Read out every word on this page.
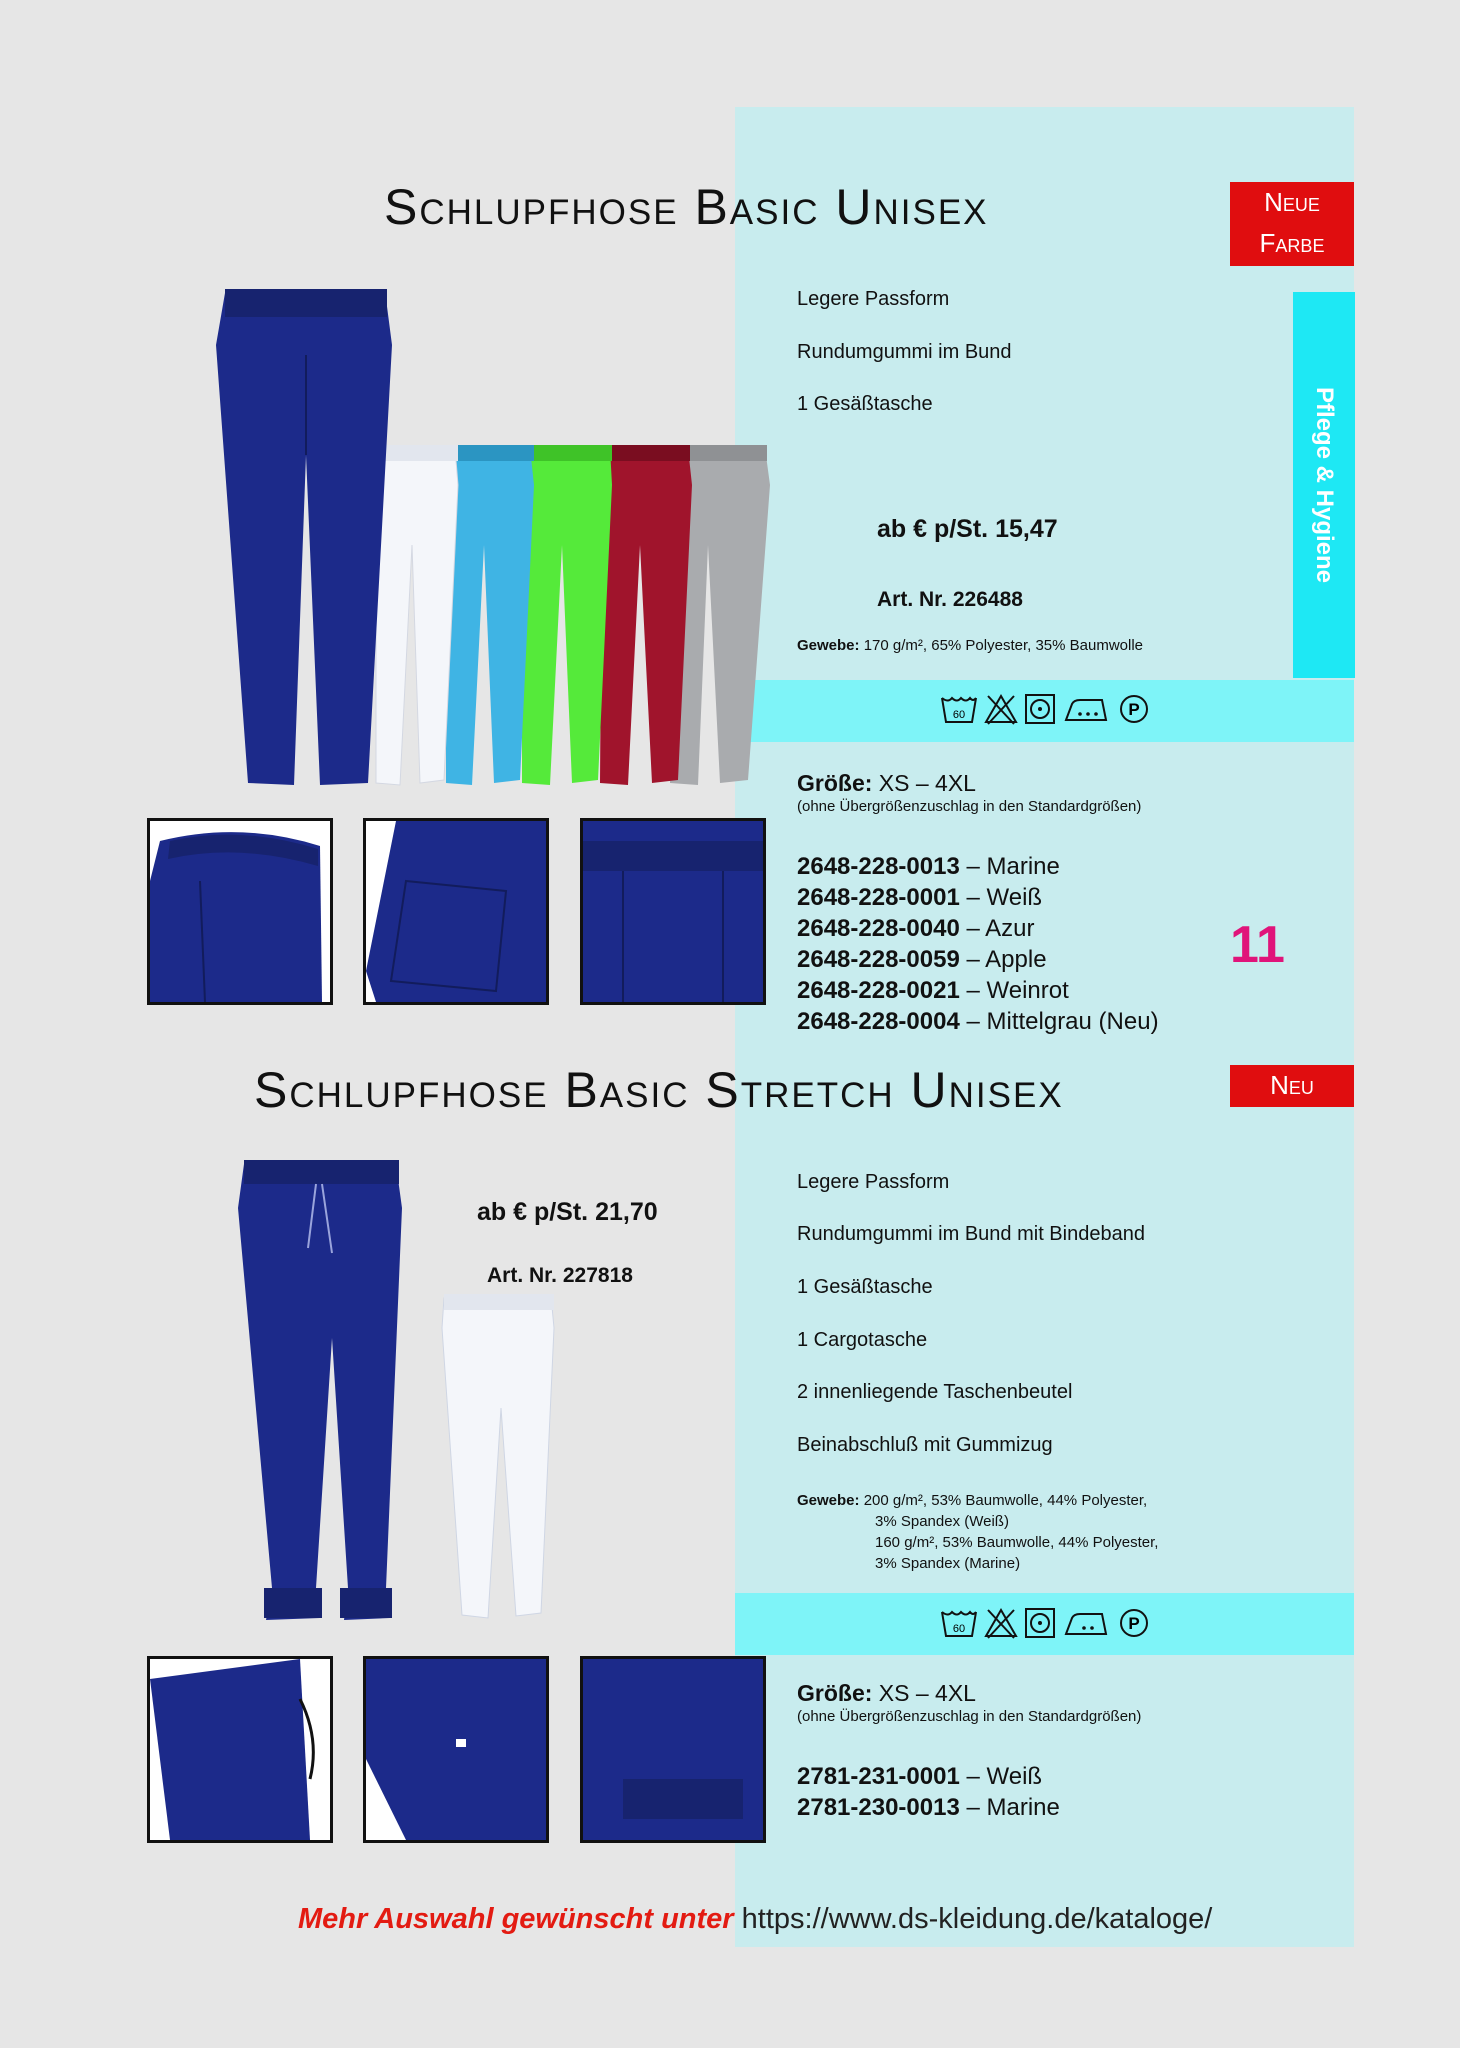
Pflege & Hygiene
Schlupfhose Basic Unisex	Neue
Farbe
Legere Passform
Rundumgummi im Bund
1 Gesäßtasche
ab € p/St. 15,47
Art. Nr. 226488
Gewebe: 170 g/m², 65% Polyester, 35% Baumwolle
60	P
Größe: XS – 4XL
(ohne Übergrößenzuschlag in den Standardgrößen)
2648-228-0013 – Marine
2648-228-0001 – Weiß
2648-228-0040 – Azur
2648-228-0059 – Apple
2648-228-0021 – Weinrot
2648-228-0004 – Mittelgrau (Neu)
11
Schlupfhose Basic Stretch Unisex	Neu
ab € p/St. 21,70
Art. Nr. 227818
Legere Passform
Rundumgummi im Bund mit Bindeband
1 Gesäßtasche
1 Cargotasche
2 innenliegende Taschenbeutel
Beinabschluß mit Gummizug
Gewebe: 200 g/m², 53% Baumwolle, 44% Polyester,
3% Spandex (Weiß)
160 g/m², 53% Baumwolle, 44% Polyester,
3% Spandex (Marine)
60	P
Größe: XS – 4XL
(ohne Übergrößenzuschlag in den Standardgrößen)
2781-231-0001 – Weiß
2781-230-0013 – Marine
Mehr Auswahl gewünscht unter https://www.ds-kleidung.de/kataloge/
